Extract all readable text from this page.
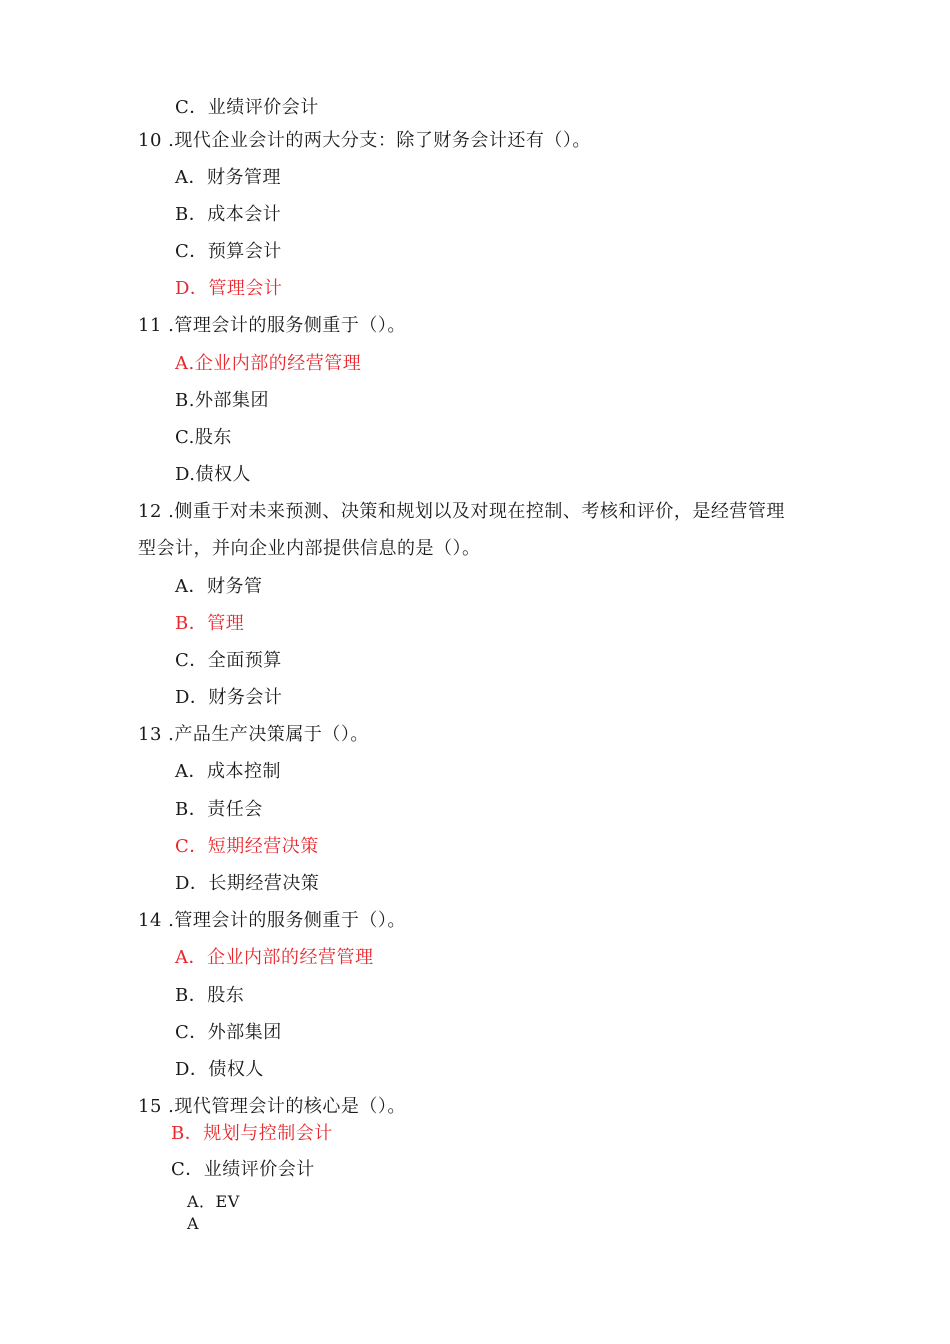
C．业绩评价会计
10 .现代企业会计的两大分支：除了财务会计还有（）。
A．财务管理
B．成本会计
C．预算会计
D．管理会计
11 .管理会计的服务侧重于（）。
A.企业内部的经营管理
B.外部集团
C.股东
D.债权人
12 .侧重于对未来预测、决策和规划以及对现在控制、考核和评价，是经营管理
型会计，并向企业内部提供信息的是（）。
A．财务管
B．管理
C．全面预算
D．财务会计
13 .产品生产决策属于（）。
A．成本控制
B．责任会
C．短期经营决策
D．长期经营决策
14 .管理会计的服务侧重于（）。
A．企业内部的经营管理
B．股东
C．外部集团
D．债权人
15 .现代管理会计的核心是（）。
B．规划与控制会计
C．业绩评价会计
A．EV
A
